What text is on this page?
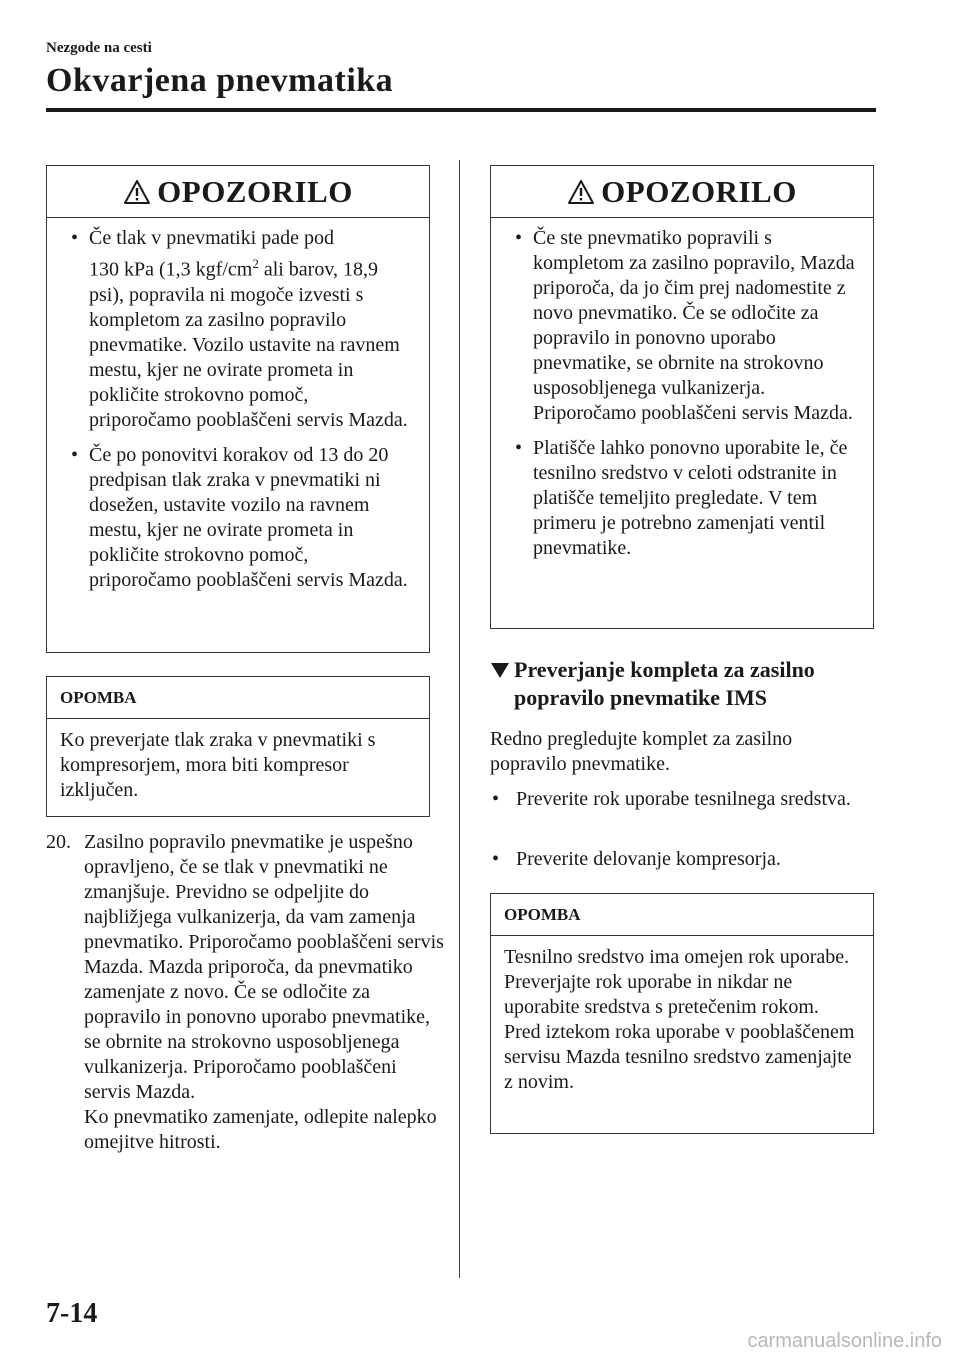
Nezgode na cesti
Okvarjena pnevmatika
OPOZORILO
• Če tlak v pnevmatiki pade pod
130 kPa (1,3 kgf/$cm^2$ ali barov, 18,9 psi), popravila ni mogoče izvesti s kompletom za zasilno popravilo pnevmatike. Vozilo ustavite na ravnem mestu, kjer ne ovirate prometa in pokličite strokovno pomoč, priporočamo pooblaščeni servis Mazda.
• Če po ponovitvi korakov od 13 do 20 predpisan tlak zraka v pnevmatiki ni dosežen, ustavite vozilo na ravnem mestu, kjer ne ovirate prometa in pokličite strokovno pomoč, priporočamo pooblaščeni servis Mazda.
OPOMBA
Ko preverjate tlak zraka v pnevmatiki s kompresorjem, mora biti kompresor izključen.
20. Zasilno popravilo pnevmatike je uspešno opravljeno, če se tlak v pnevmatiki ne zmanjšuje. Previdno se odpeljite do najbližjega vulkanizerja, da vam zamenja pnevmatiko. Priporočamo pooblaščeni servis Mazda. Mazda priporoča, da pnevmatiko zamenjate z novo. Če se odločite za popravilo in ponovno uporabo pnevmatike, se obrnite na strokovno usposobljenega vulkanizerja. Priporočamo pooblaščeni servis Mazda.
Ko pnevmatiko zamenjate, odlepite nalepko omejitve hitrosti.
OPOZORILO
• Če ste pnevmatiko popravili s kompletom za zasilno popravilo, Mazda priporoča, da jo čim prej nadomestite z novo pnevmatiko. Če se odločite za popravilo in ponovno uporabo pnevmatike, se obrnite na strokovno usposobljenega vulkanizerja. Priporočamo pooblaščeni servis Mazda.
• Platišče lahko ponovno uporabite le, če tesnilno sredstvo v celoti odstranite in platišče temeljito pregledate. V tem primeru je potrebno zamenjati ventil pnevmatike.
Preverjanje kompleta za zasilno popravilo pnevmatike IMS
Redno pregledujte komplet za zasilno popravilo pnevmatike.
• Preverite rok uporabe tesnilnega sredstva.
• Preverite delovanje kompresorja.
OPOMBA
Tesnilno sredstvo ima omejen rok uporabe. Preverjajte rok uporabe in nikdar ne uporabite sredstva s pretečenim rokom. Pred iztekom roka uporabe v pooblaščenem servisu Mazda tesnilno sredstvo zamenjajte z novim.
7-14
carmanualsonline.info
